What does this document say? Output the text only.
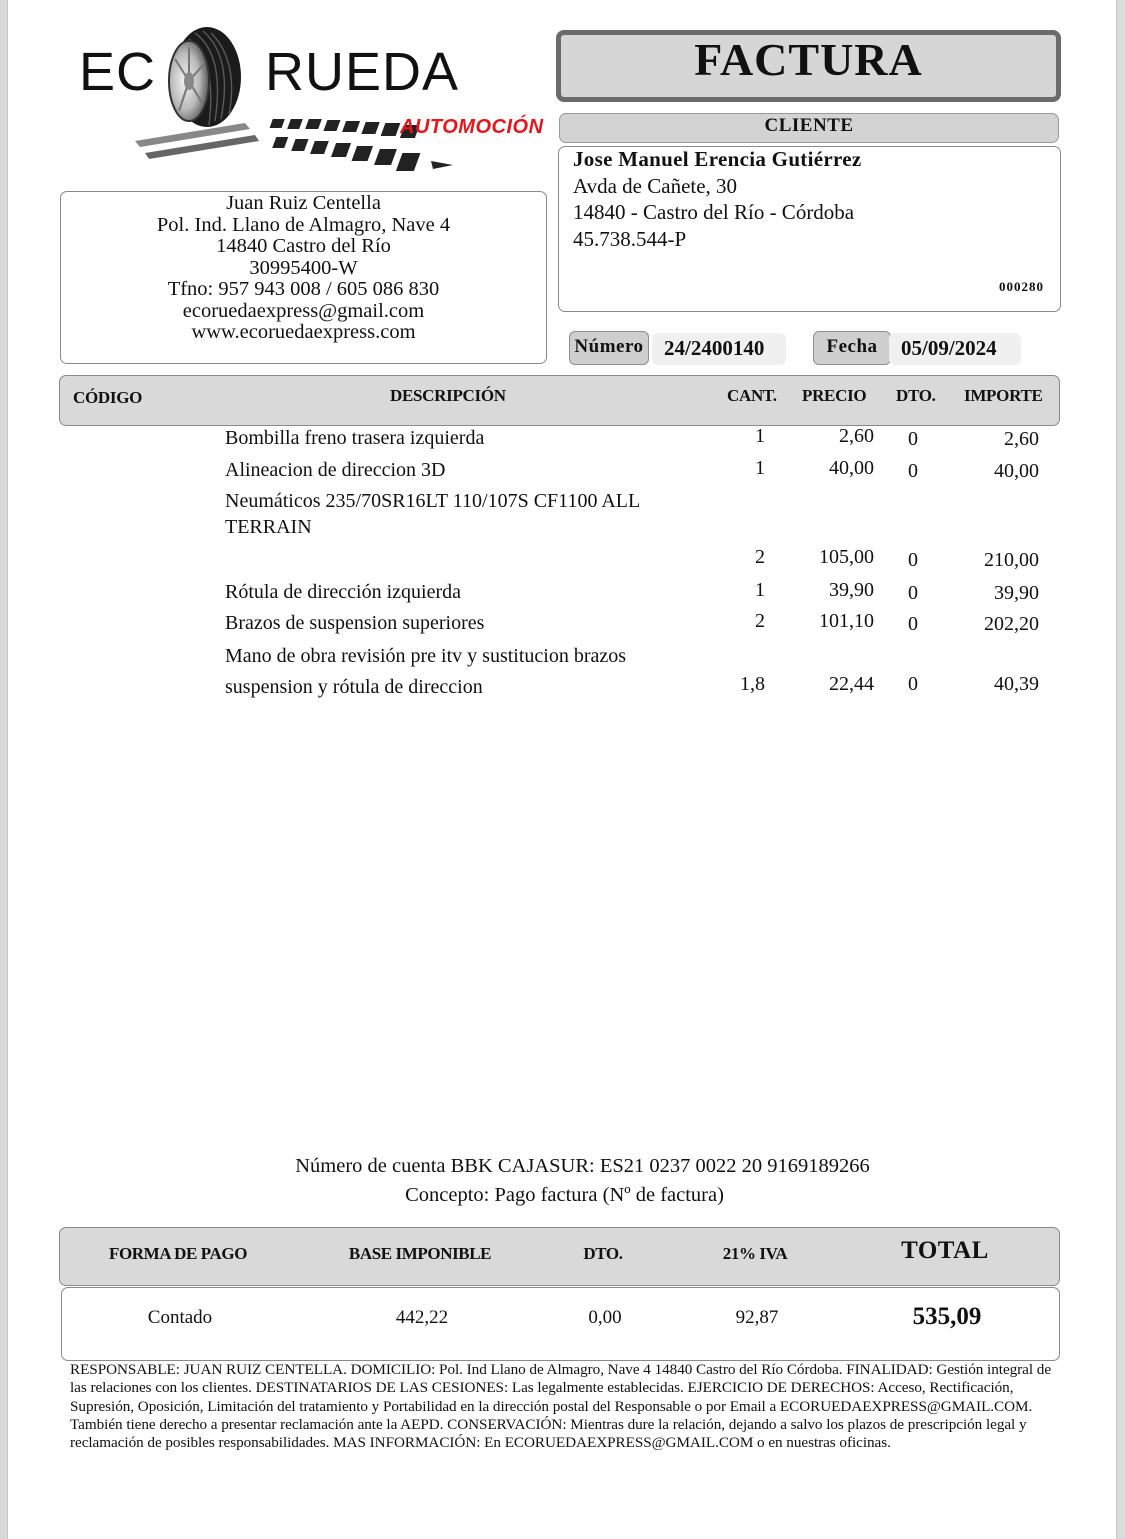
EC RUEDA
AUTOMOCIÓN
Juan Ruiz Centella
Pol. Ind. Llano de Almagro, Nave 4
14840 Castro del Río
30995400-W
Tfno: 957 943 008 / 605 086 830
ecoruedaexpress@gmail.com
www.ecoruedaexpress.com
FACTURA
CLIENTE
Jose Manuel Erencia Gutiérrez
Avda de Cañete, 30
14840 - Castro del Río - Córdoba
45.738.544-P
000280
Número 24/2400140	Fecha	05/09/2024
CÓDIGO	DESCRIPCIÓN	CANT. PRECIO DTO. IMPORTE
Bombilla freno trasera izquierda	1	2,60	0	2,60
Alineacion de direccion 3D	1	40,00	0	40,00
Neumáticos 235/70SR16LT 110/107S CF1100 ALL TERRAIN
2	105,00	0	210,00
Rótula de dirección izquierda	1	39,90	0	39,90
Brazos de suspension superiores	2	101,10	0	202,20
Mano de obra revisión pre itv y sustitucion brazos suspension y rótula de direccion	1,8	22,44	0	40,39
Número de cuenta BBK CAJASUR: ES21 0237 0022 20 9169189266
Concepto: Pago factura (Nº de factura)
FORMA DE PAGO	BASE IMPONIBLE	DTO.	21% IVA	TOTAL
Contado	442,22	0,00	92,87	535,09
RESPONSABLE: JUAN RUIZ CENTELLA. DOMICILIO: Pol. Ind Llano de Almagro, Nave 4 14840 Castro del Río Córdoba. FINALIDAD: Gestión integral de las relaciones con los clientes. DESTINATARIOS DE LAS CESIONES: Las legalmente establecidas. EJERCICIO DE DERECHOS: Acceso, Rectificación, Supresión, Oposición, Limitación del tratamiento y Portabilidad en la dirección postal del Responsable o por Email a ECORUEDAEXPRESS@GMAIL.COM. También tiene derecho a presentar reclamación ante la AEPD. CONSERVACIÓN: Mientras dure la relación, dejando a salvo los plazos de prescripción legal y reclamación de posibles responsabilidades. MAS INFORMACIÓN: En ECORUEDAEXPRESS@GMAIL.COM o en nuestras oficinas.
